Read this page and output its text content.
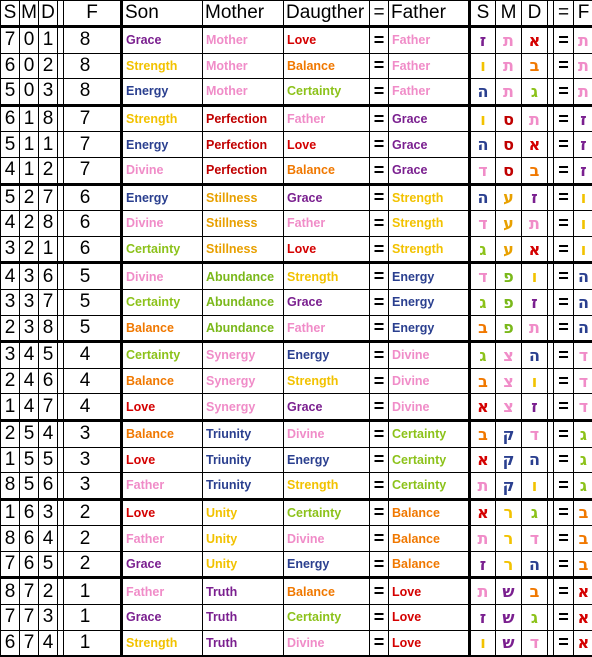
S	M	D		F	Son	Mother	Daugther	=	Father	S	M	D		=	F
7	0	1		8	Grace	Mother	Love	=	Father	ז	ת	א		=	ת
6	0	2		8	Strength	Mother	Balance	=	Father	ו	ת	ב		=	ת
5	0	3		8	Energy	Mother	Certainty	=	Father	ה	ת	ג		=	ת
6	1	8		7	Strength	Perfection	Father	=	Grace	ו	ס	ת		=	ז
5	1	1		7	Energy	Perfection	Love	=	Grace	ה	ס	א		=	ז
4	1	2		7	Divine	Perfection	Balance	=	Grace	ד	ס	ב		=	ז
5	2	7		6	Energy	Stillness	Grace	=	Strength	ה	ע	ז		=	ו
4	2	8		6	Divine	Stillness	Father	=	Strength	ד	ע	ת		=	ו
3	2	1		6	Certainty	Stillness	Love	=	Strength	ג	ע	א		=	ו
4	3	6		5	Divine	Abundance	Strength	=	Energy	ד	פ	ו		=	ה
3	3	7		5	Certainty	Abundance	Grace	=	Energy	ג	פ	ז		=	ה
2	3	8		5	Balance	Abundance	Father	=	Energy	ב	פ	ת		=	ה
3	4	5		4	Certainty	Synergy	Energy	=	Divine	ג	צ	ה		=	ד
2	4	6		4	Balance	Synergy	Strength	=	Divine	ב	צ	ו		=	ד
1	4	7		4	Love	Synergy	Grace	=	Divine	א	צ	ז		=	ד
2	5	4		3	Balance	Triunity	Divine	=	Certainty	ב	ק	ד		=	ג
1	5	5		3	Love	Triunity	Energy	=	Certainty	א	ק	ה		=	ג
8	5	6		3	Father	Triunity	Strength	=	Certainty	ת	ק	ו		=	ג
1	6	3		2	Love	Unity	Certainty	=	Balance	א	ר	ג		=	ב
8	6	4		2	Father	Unity	Divine	=	Balance	ת	ר	ד		=	ב
7	6	5		2	Grace	Unity	Energy	=	Balance	ז	ר	ה		=	ב
8	7	2		1	Father	Truth	Balance	=	Love	ת	ש	ב		=	א
7	7	3		1	Grace	Truth	Certainty	=	Love	ז	ש	ג		=	א
6	7	4		1	Strength	Truth	Divine	=	Love	ו	ש	ד		=	א
